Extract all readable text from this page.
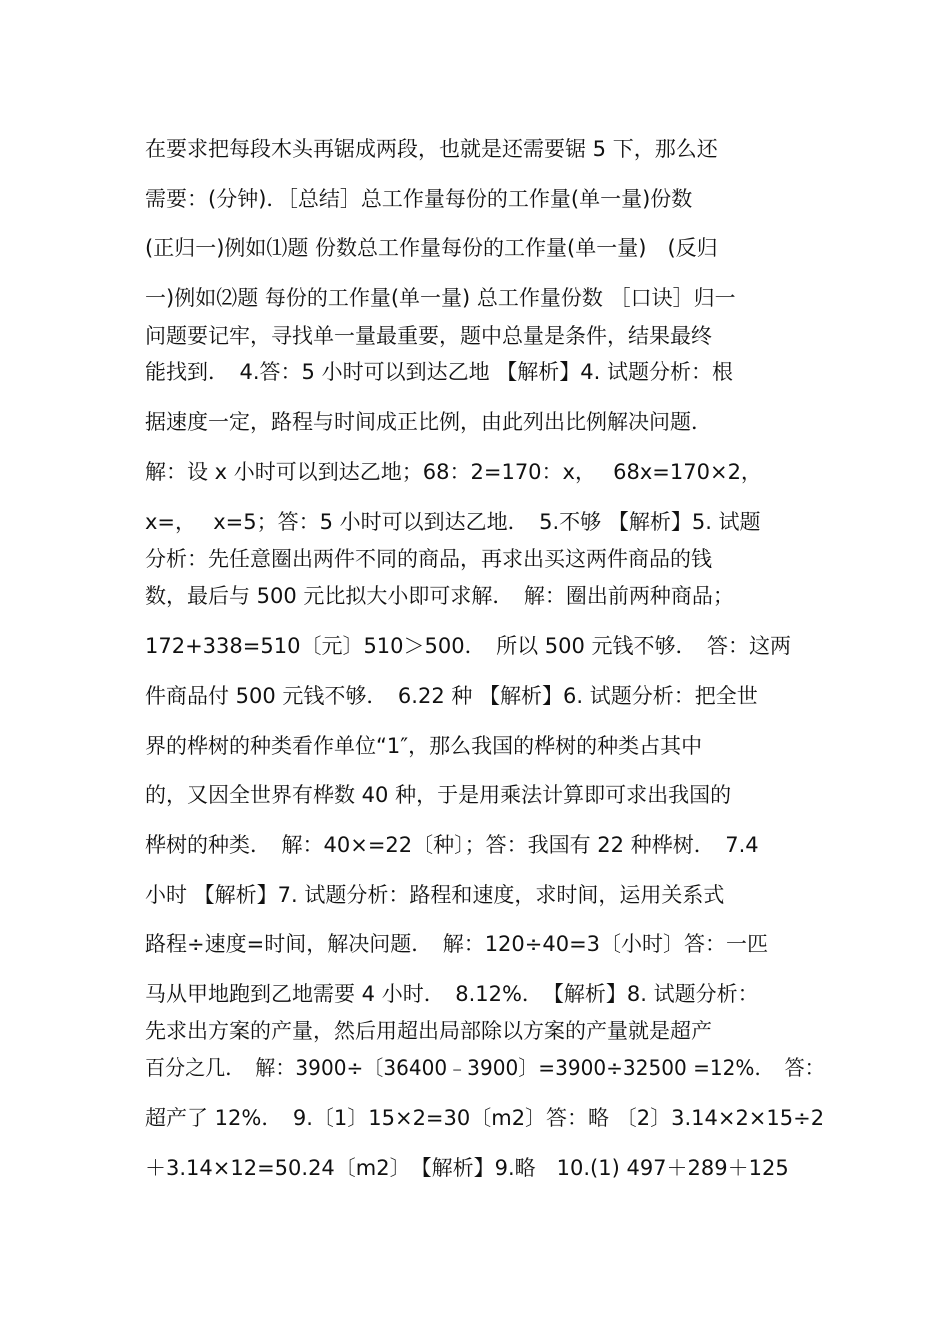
在要求把每段木头再锯成两段，也就是还需要锯 5 下，那么还
需要：(分钟)．［总结］总工作量每份的工作量(单一量)份数
(正归一)例如⑴题 份数总工作量每份的工作量(单一量)　(反归
一)例如⑵题 每份的工作量(单一量) 总工作量份数 ［口诀］归一
问题要记牢，寻找单一量最重要，题中总量是条件，结果最终
能找到．　4.答：5 小时可以到达乙地 【解析】4. 试题分析：根
据速度一定，路程与时间成正比例，由此列出比例解决问题．
解：设 x 小时可以到达乙地；68：2=170：x，　 68x=170×2，
x=，　 x=5；答：5 小时可以到达乙地．　5.不够 【解析】5. 试题
分析：先任意圈出两件不同的商品，再求出买这两件商品的钱
数，最后与 500 元比拟大小即可求解．　解：圈出前两种商品；
172+338=510〔元〕510＞500．　所以 500 元钱不够．　答：这两
件商品付 500 元钱不够．　6.22 种 【解析】6. 试题分析：把全世
界的桦树的种类看作单位“1″，那么我国的桦树的种类占其中
的，又因全世界有桦数 40 种，于是用乘法计算即可求出我国的
桦树的种类．　解：40×=22〔种〕；答：我国有 22 种桦树．　7.4
小时 【解析】7. 试题分析：路程和速度，求时间，运用关系式
路程÷速度=时间，解决问题．　解：120÷40=3〔小时〕答：一匹
马从甲地跑到乙地需要 4 小时．　8.12%．　【解析】8. 试题分析：
先求出方案的产量，然后用超出局部除以方案的产量就是超产
百分之几．　解：3900÷〔36400﹣3900〕=3900÷32500 =12%．　答：
超产了 12%．　9.〔1〕15×2=30〔m2〕答：略 〔2〕3.14×2×15÷2
＋3.14×12=50.24〔m2〕　【解析】9.略　10.(1) 497＋289＋125
